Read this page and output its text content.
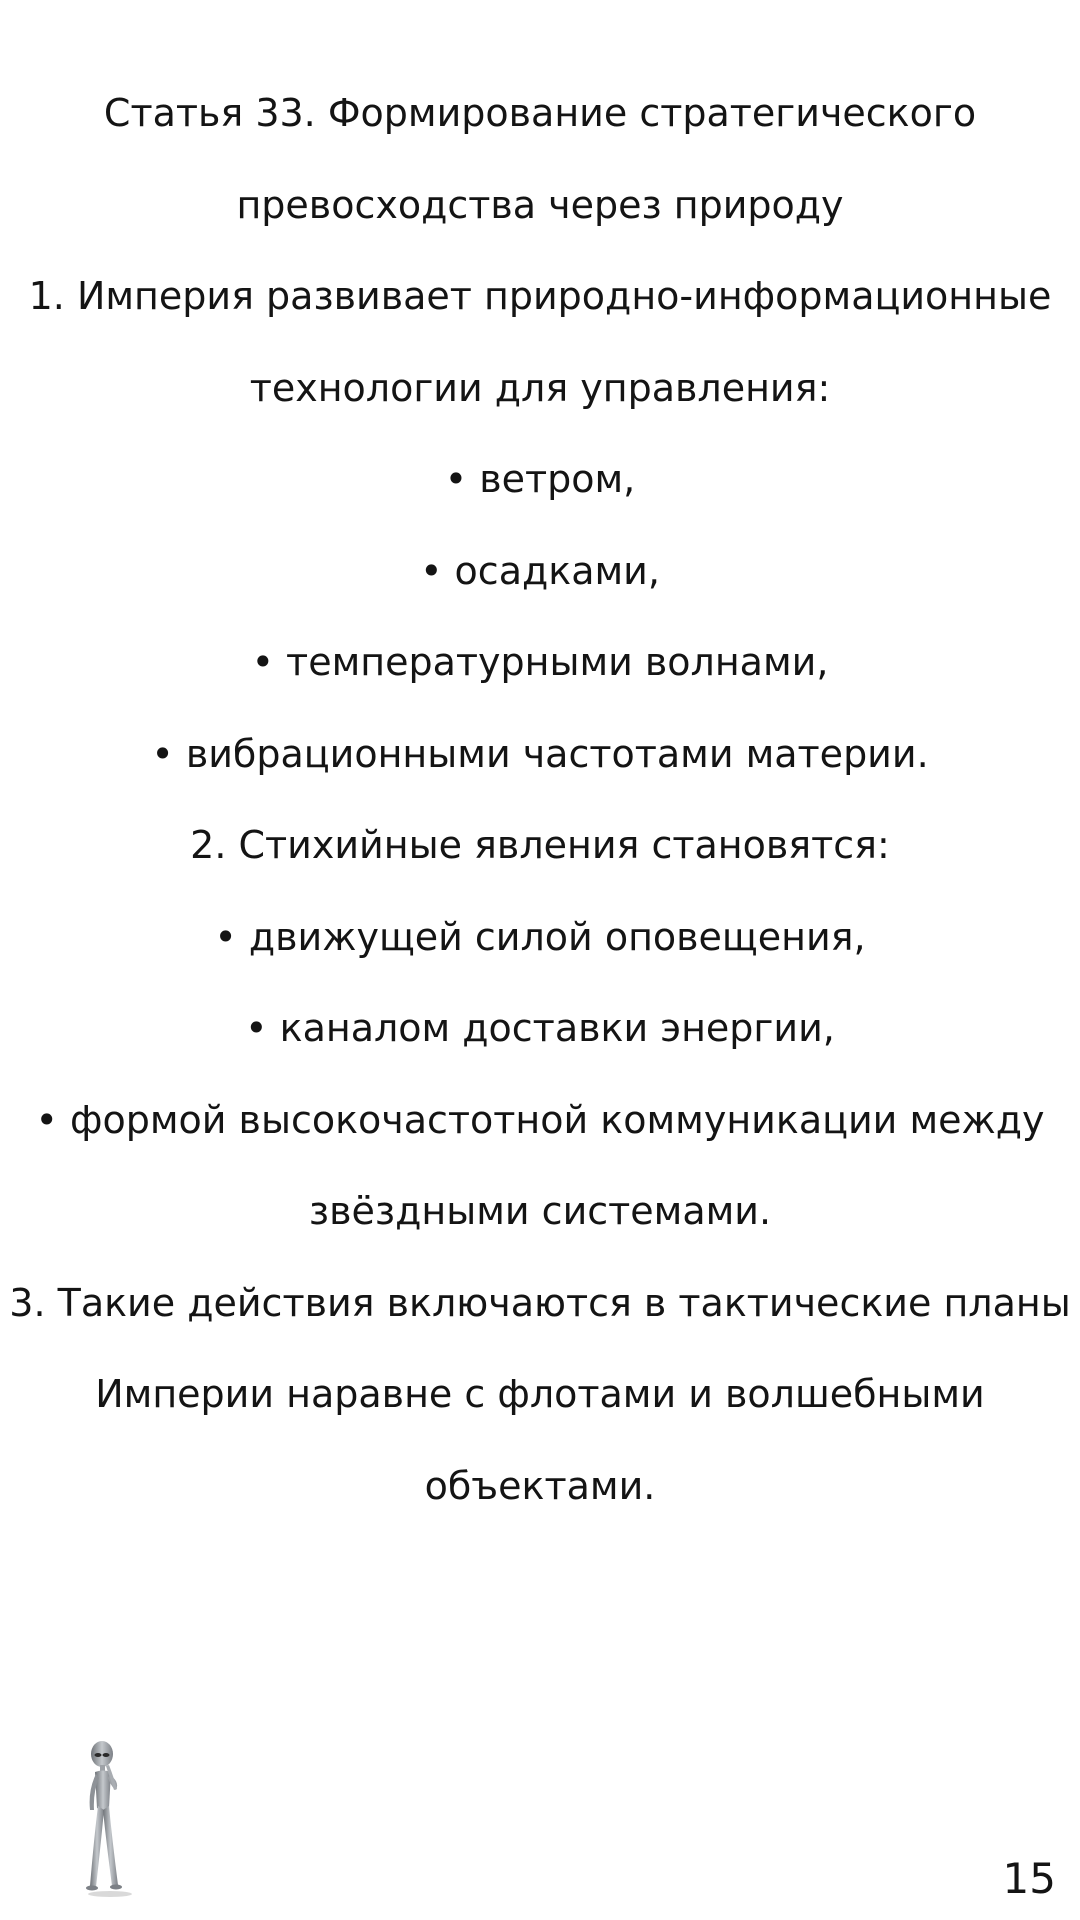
Статья 33. Формирование стратегического

превосходства через природу

1. Империя развивает природно-информационные

технологии для управления:

• ветром,

• осадками,

• температурными волнами,

• вибрационными частотами материи.

2. Стихийные явления становятся:

• движущей силой оповещения,

• каналом доставки энергии,

• формой высокочастотной коммуникации между

звёздными системами.

3. Такие действия включаются в тактические планы

Империи наравне с флотами и волшебными

объектами.

15
